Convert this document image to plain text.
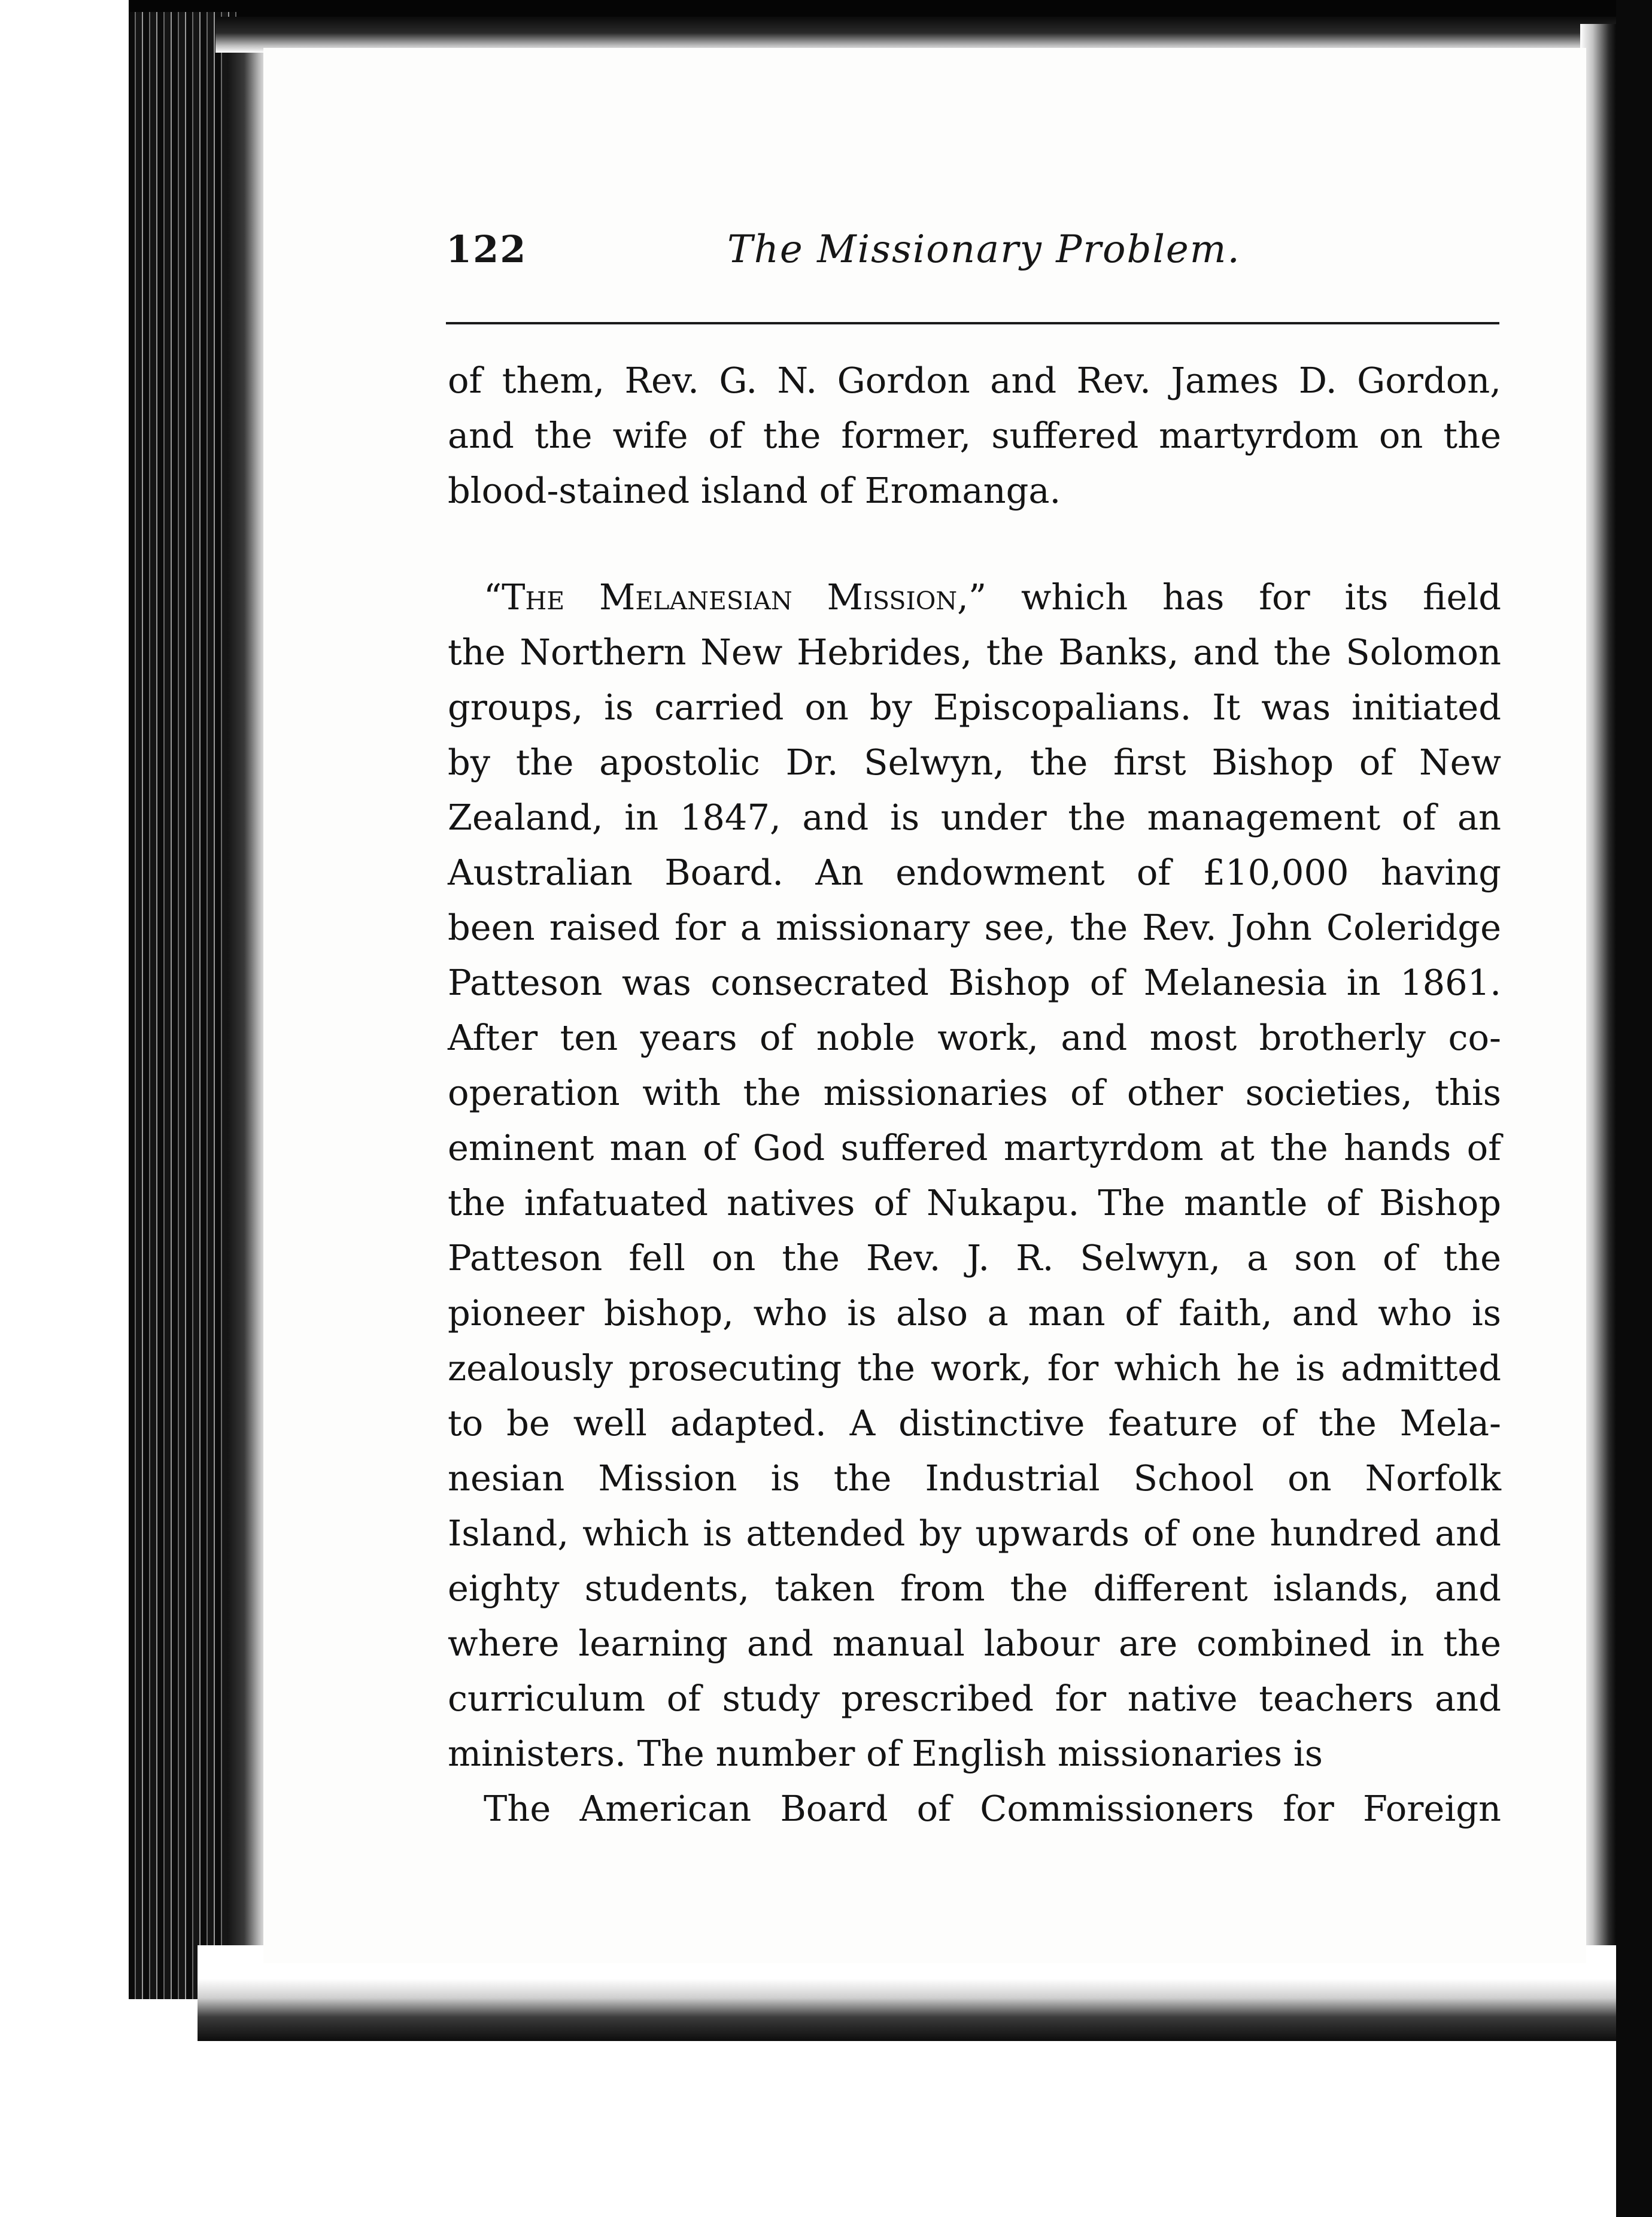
122	The Missionary Problem.
of them, Rev. G. N. Gordon and Rev. James D. Gordon,
and the wife of the former, suffered martyrdom on the
blood-stained island of Eromanga.
“The Melanesian Mission,” which has for its field
the Northern New Hebrides, the Banks, and the Solomon
groups, is carried on by Episcopalians. It was initiated
by the apostolic Dr. Selwyn, the first Bishop of New
Zealand, in 1847, and is under the management of an
Australian Board. An endowment of £10,000 having
been raised for a missionary see, the Rev. John Coleridge
Patteson was consecrated Bishop of Melanesia in 1861.
After ten years of noble work, and most brotherly co-
operation with the missionaries of other societies, this
eminent man of God suffered martyrdom at the hands of
the infatuated natives of Nukapu. The mantle of Bishop
Patteson fell on the Rev. J. R. Selwyn, a son of the
pioneer bishop, who is also a man of faith, and who is
zealously prosecuting the work, for which he is admitted
to be well adapted. A distinctive feature of the Mela-
nesian Mission is the Industrial School on Norfolk
Island, which is attended by upwards of one hundred and
eighty students, taken from the different islands, and
where learning and manual labour are combined in the
curriculum of study prescribed for native teachers and
ministers. The number of English missionaries is
The American Board of Commissioners for Foreign
